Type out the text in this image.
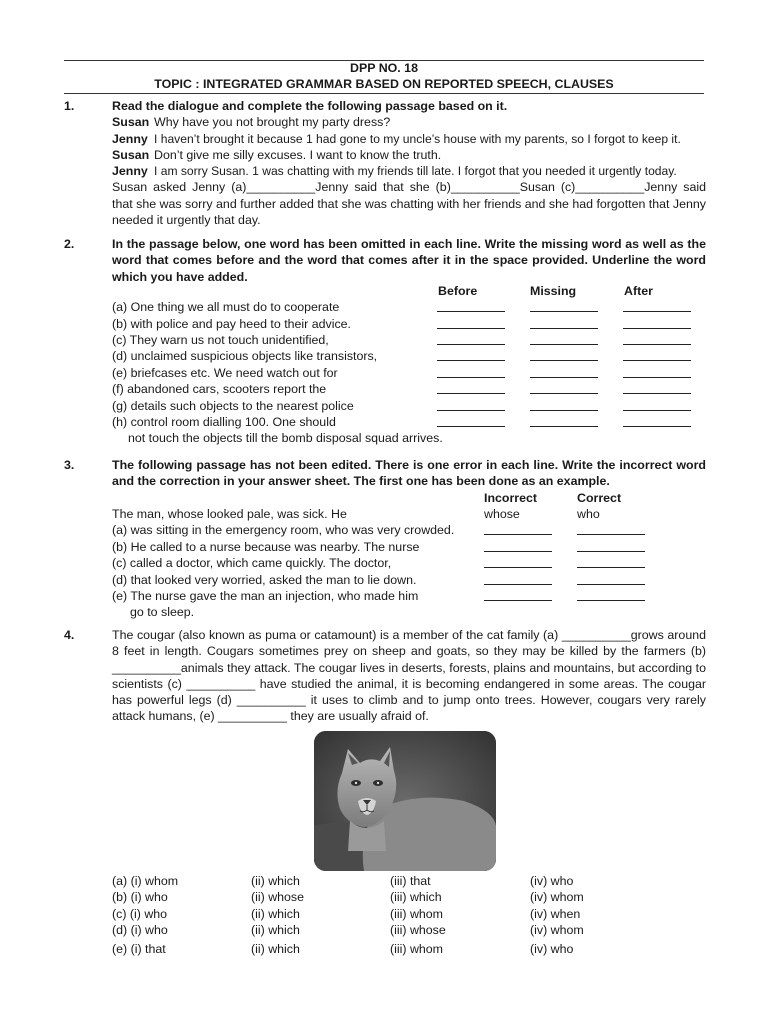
DPP NO. 18
TOPIC : INTEGRATED GRAMMAR BASED ON REPORTED SPEECH, CLAUSES
1.	Read the dialogue and complete the following passage based on it.
Susan Why have you not brought my party dress?
Jenny I haven’t brought it because 1 had gone to my uncle’s house with my parents, so I forgot to keep it.
Susan Don’t give me silly excuses. I want to know the truth.
Jenny I am sorry Susan. 1 was chatting with my friends till late. I forgot that you needed it urgently today.
Susan asked Jenny (a)__________Jenny said that she (b)__________Susan (c)__________Jenny said that she was sorry and further added that she was chatting with her friends and she had forgotten that Jenny needed it urgently that day.
2.	In the passage below, one word has been omitted in each line. Write the missing word as well as the word that comes before and the word that comes after it in the space provided. Underline the word which you have added.
Before	Missing	After
(a) One thing we all must do to cooperate
(b) with police and pay heed to their advice.
(c) They warn us not touch unidentified,
(d) unclaimed suspicious objects like transistors,
(e) briefcases etc. We need watch out for
(f) abandoned cars, scooters report the
(g) details such objects to the nearest police
(h) control room dialling 100. One should
not touch the objects till the bomb disposal squad arrives.
3.	The following passage has not been edited. There is one error in each line. Write the incorrect word and the correction in your answer sheet. The first one has been done as an example.
Incorrect	Correct
The man, whose looked pale, was sick. He	whose	who
(a) was sitting in the emergency room, who was very crowded.
(b) He called to a nurse because was nearby. The nurse
(c) called a doctor, which came quickly. The doctor,
(d) that looked very worried, asked the man to lie down.
(e) The nurse gave the man an injection, who made him
go to sleep.
4.	The cougar (also known as puma or catamount) is a member of the cat family (a) __________grows around 8 feet in length. Cougars sometimes prey on sheep and goats, so they may be killed by the farmers (b) __________animals they attack. The cougar lives in deserts, forests, plains and mountains, but according to scientists (c) __________ have studied the animal, it is becoming endangered in some areas. The cougar has powerful legs (d) __________ it uses to climb and to jump onto trees. However, cougars very rarely attack humans, (e) __________ they are usually afraid of.
(a) (i) whom	(ii) which	(iii) that	(iv) who
(b) (i) who	(ii) whose	(iii) which	(iv) whom
(c) (i) who	(ii) which	(iii) whom	(iv) when
(d) (i) who	(ii) which	(iii) whose	(iv) whom
(e) (i) that	(ii) which	(iii) whom	(iv) who
